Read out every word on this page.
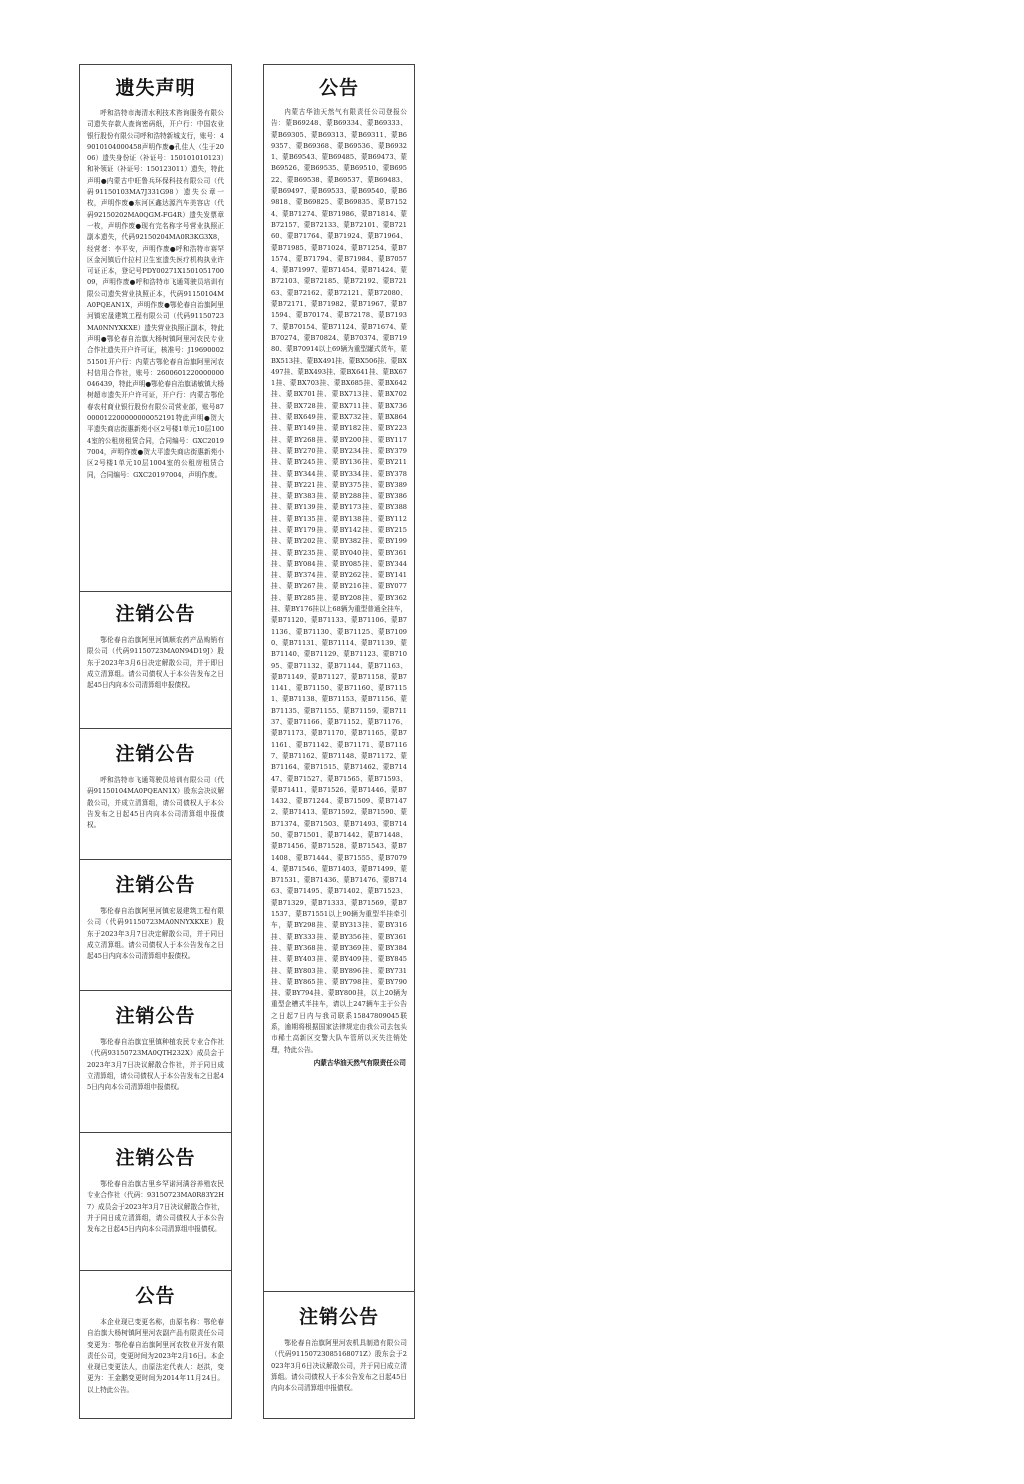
遗失声明

呼和浩特市海清水利技术咨询服务有限公司遗失存款人查询密码纸，开户行：中国农业银行股份有限公司呼和浩特新城支行，账号：49010104000458声明作废●孔佳人（生于2006）遗失身份证（补证号：150101010123）和补领证（补证号：150123011）遗失，特此声明●内蒙古中旺鲁兵环保科技有限公司（代码91150103MA7J331G98）遗失公章一枚，声明作废●东河区鑫达源汽车美容店（代码92150202MA0QGM-FG4R）遗失发票章一枚，声明作废●现有完名称字号营业执照正副本遗失，代码92150204MA0R3KG3X8，经营者：李平安，声明作废●呼和浩特市赛罕区金河镇后什拉村卫生室遗失医疗机构执业许可证正本，登记号PDY00271X150105170009，声明作废●呼和浩特市飞通驾驶员培训有限公司遗失营业执照正本，代码91150104MA0PQEAN1X，声明作废●鄂伦春自治旗阿里河镇宏晟建筑工程有限公司（代码91150723MA0NNYXKXE）遗失营业执照正副本，特此声明●鄂伦春自治旗大杨树镇阿里河农民专业合作社遗失开户许可证，核准号：J1969000251501开户行：内蒙古鄂伦春自治旗阿里河农村信用合作社，账号：2600601220000000046439，特此声明●鄂伦春自治旗诺敏镇大杨树超市遗失开户许可证，开户行：内蒙古鄂伦春农村商业银行股份有限公司营业部，账号87000012200000000052191特此声明●贺大平遗失商店街惠新苑小区2号楼1单元10层1004室的公租房租赁合同，合同编号：GXC20197004，声明作废●贺大平遗失商店街惠新苑小区2号楼1单元10层1004室的公租房租赁合同，合同编号：GXC20197004，声明作废。

注销公告

鄂伦春自治旗阿里河镇顺农药产品购销有限公司（代码91150723MA0N94D19J）股东于2023年3月6日决定解散公司，并于即日成立清算组。请公司债权人于本公告发布之日起45日内向本公司清算组申报债权。

注销公告

呼和浩特市飞通驾驶员培训有限公司（代码91150104MA0PQEAN1X）股东会决议解散公司，并成立清算组，请公司债权人于本公告发布之日起45日内向本公司清算组申报债权。

注销公告

鄂伦春自治旗阿里河镇宏晟建筑工程有限公司（代码91150723MA0NNYXKXE）股东于2023年3月7日决定解散公司，并于同日成立清算组。请公司债权人于本公告发布之日起45日内向本公司清算组申报债权。

注销公告

鄂伦春自治旗宜里镇种植农民专业合作社（代码93150723MA0QTH232X）成员会于2023年3月7日决议解散合作社，并于同日成立清算组，请公司债权人于本公告发布之日起45日内向本公司清算组申报债权。

注销公告

鄂伦春自治旗古里乡罕诺河满谷养殖农民专业合作社（代码：93150723MA0R83Y2H7）成员会于2023年3月7日决议解散合作社，并于同日成立清算组，请公司债权人于本公告发布之日起45日内向本公司清算组申报债权。

公告

本企业现已变更名称，由原名称：鄂伦春自治旗大杨树镇阿里河农副产品有限责任公司变更为：鄂伦春自治旗阿里河农牧业开发有限责任公司，变更时间为2023年2月16日。本企业现已变更法人，由原法定代表人：赵洪，变更为：王金鹏变更时间为2014年11月24日。以上特此公告。

公告

内蒙古华油天然气有限责任公司登报公告：蒙B69248、蒙B69334、蒙B69333、蒙B69305、蒙B69313、蒙B69311、蒙B69357、蒙B69368、蒙B69536、蒙B69321、蒙B69543、蒙B69485、蒙B69473、蒙B69526、蒙B69535、蒙B69510、蒙B69522、蒙B69538、蒙B69537、蒙B69483、蒙B69497、蒙B69533、蒙B69540、蒙B69818、蒙B69825、蒙B69835、蒙B71524、蒙B71274、蒙B71986、蒙B71814、蒙B72157、蒙B72133、蒙B72101、蒙B72160、蒙B71764、蒙B71924、蒙B71964、蒙B71985、蒙B71024、蒙B71254、蒙B71574、蒙B71794、蒙B71984、蒙B70574、蒙B71997、蒙B71454、蒙B71424、蒙B72103、蒙B72185、蒙B72192、蒙B72163、蒙B72162、蒙B72121、蒙B72080、蒙B72171、蒙B71982、蒙B71967、蒙B71594、蒙B70174、蒙B72178、蒙B71937、蒙B70154、蒙B71124、蒙B71674、蒙B70274、蒙B70824、蒙B70374、蒙B71980、蒙B70914以上69辆为重型罐式货车，蒙BX513挂、蒙BX491挂、蒙BX506挂、蒙BX497挂、蒙BX493挂、蒙BX641挂、蒙BX671挂、蒙BX703挂、蒙BX685挂、蒙BX642挂、蒙BX701挂、蒙BX713挂、蒙BX702挂、蒙BX728挂、蒙BX711挂、蒙BX736挂、蒙BX649挂、蒙BX732挂、蒙BX864挂、蒙BY149挂、蒙BY182挂、蒙BY223挂、蒙BY268挂、蒙BY200挂、蒙BY117挂、蒙BY270挂、蒙BY234挂、蒙BY379挂、蒙BY245挂、蒙BY136挂、蒙BY211挂、蒙BY344挂、蒙BY334挂、蒙BY378挂、蒙BY221挂、蒙BY375挂、蒙BY389挂、蒙BY383挂、蒙BY288挂、蒙BY386挂、蒙BY139挂、蒙BY173挂、蒙BY388挂、蒙BY135挂、蒙BY138挂、蒙BY112挂、蒙BY179挂、蒙BY142挂、蒙BY215挂、蒙BY202挂、蒙BY382挂、蒙BY199挂、蒙BY235挂、蒙BY040挂、蒙BY361挂、蒙BY084挂、蒙BY085挂、蒙BY344挂、蒙BY374挂、蒙BY262挂、蒙BY141挂、蒙BY267挂、蒙BY216挂、蒙BY077挂、蒙BY285挂、蒙BY208挂、蒙BY362挂、蒙BY176挂以上68辆为重型普通全挂车，蒙B71120、蒙B71133、蒙B71106、蒙B71136、蒙B71130、蒙B71125、蒙B71090、蒙B71131、蒙B71114、蒙B71139、蒙B71140、蒙B71129、蒙B71123、蒙B71095、蒙B71132、蒙B71144、蒙B71163、蒙B71149、蒙B71127、蒙B71158、蒙B71141、蒙B71150、蒙B71160、蒙B71151、蒙B71138、蒙B71153、蒙B71156、蒙B71135、蒙B71155、蒙B71159、蒙B71137、蒙B71166、蒙B71152、蒙B71176、蒙B71173、蒙B71170、蒙B71165、蒙B71161、蒙B71142、蒙B71171、蒙B71167、蒙B71162、蒙B71148、蒙B71172、蒙B71164、蒙B71515、蒙B71462、蒙B71447、蒙B71527、蒙B71565、蒙B71593、蒙B71411、蒙B71526、蒙B71446、蒙B71432、蒙B71244、蒙B71509、蒙B71472、蒙B71413、蒙B71592、蒙B71590、蒙B71374、蒙B71503、蒙B71493、蒙B71450、蒙B71501、蒙B71442、蒙B71448、蒙B71456、蒙B71528、蒙B71543、蒙B71408、蒙B71444、蒙B71555、蒙B70794、蒙B71546、蒙B71403、蒙B71499、蒙B71531、蒙B71436、蒙B71476、蒙B71463、蒙B71495、蒙B71402、蒙B71523、蒙B71329、蒙B71333、蒙B71569、蒙B71537、蒙B71551以上90辆为重型半挂牵引车，蒙BY298挂、蒙BY313挂、蒙BY316挂、蒙BY333挂、蒙BY356挂、蒙BY361挂、蒙BY368挂、蒙BY369挂、蒙BY384挂、蒙BY403挂、蒙BY409挂、蒙BY845挂、蒙BY803挂、蒙BY896挂、蒙BY731挂、蒙BY865挂、蒙BY798挂、蒙BY790挂、蒙BY794挂、蒙BY800挂，以上20辆为重型企槽式半挂车，请以上247辆车主于公告之日起7日内与我司联系15847809045联系，逾期将根据国家法律规定由我公司去包头市稀土高新区交警大队车管所以灭失注销处理，特此公告。

内蒙古华油天然气有限责任公司
注销公告

鄂伦春自治旗阿里河农机具制造有限公司（代码91150723085168071Z）股东会于2023年3月6日决议解散公司，并于同日成立清算组。请公司债权人于本公告发布之日起45日内向本公司清算组申报债权。
